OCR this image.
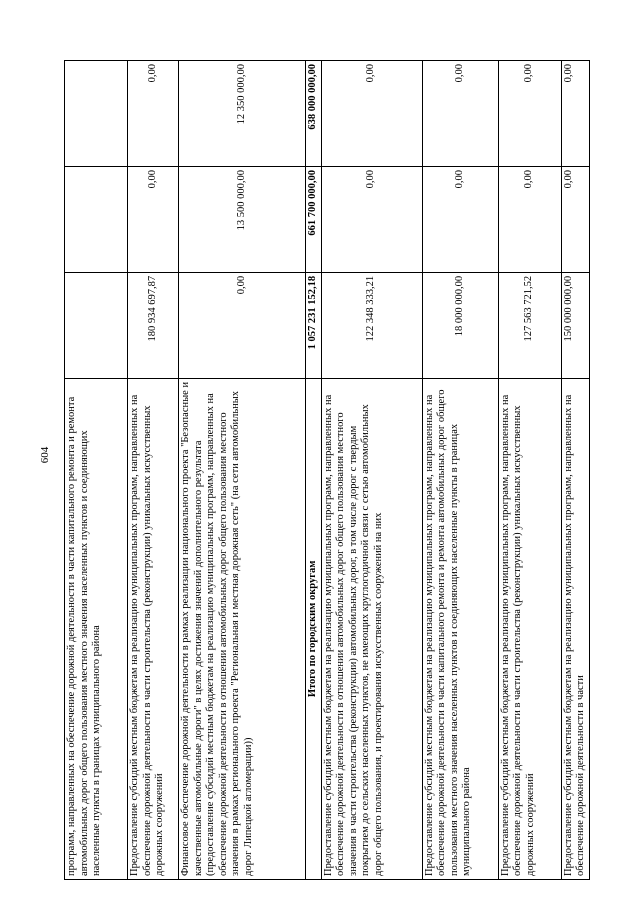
604	программ, направленных на обеспечение дорожной деятельности в части капитального ремонта и ремонта автомобильных дорог общего пользования местного значения населенных пунктов и соединяющих населенные пункты в границах муниципального района			
Предоставление субсидий местным бюджетам на реализацию муниципальных программ, направленных на обеспечение дорожной деятельности в части строительства (реконструкции) уникальных искусственных дорожных сооружений	180 934 697,87	0,00	0,00
Финансовое обеспечение дорожной деятельности в рамках реализации национального проекта "Безопасные и качественные автомобильные дороги" в целях достижения значений дополнительного результата (предоставление субсидий местным бюджетам на реализацию муниципальных программ, направленных на обеспечение дорожной деятельности в отношении автомобильных дорог общего пользования местного значения в рамках регионального проекта "Региональная и местная дорожная сеть" (на сети автомобильных дорог Липецкой агломерации))	0,00	13 500 000,00	12 350 000,00
Итого по городским округам	1 057 231 152,18	661 700 000,00	638 000 000,00
Предоставление субсидий местным бюджетам на реализацию муниципальных программ, направленных на обеспечение дорожной деятельности в отношении автомобильных дорог общего пользования местного значения в части строительства (реконструкции) автомобильных дорог, в том числе дорог с твердым покрытием до сельских населенных пунктов, не имеющих круглогодичной связи с сетью автомобильных дорог общего пользования, и проектирования искусственных сооружений на них	122 348 333,21	0,00	0,00
Предоставление субсидий местным бюджетам на реализацию муниципальных программ, направленных на обеспечение дорожной деятельности в части капитального ремонта и ремонта автомобильных дорог общего пользования местного значения населенных пунктов и соединяющих населенные пункты в границах муниципального района	18 000 000,00	0,00	0,00
Предоставление субсидий местным бюджетам на реализацию муниципальных программ, направленных на обеспечение дорожной деятельности в части строительства (реконструкции) уникальных искусственных дорожных сооружений	127 563 721,52	0,00	0,00
Предоставление субсидий местным бюджетам на реализацию муниципальных программ, направленных на обеспечение дорожной деятельности в части	150 000 000,00	0,00	0,00
